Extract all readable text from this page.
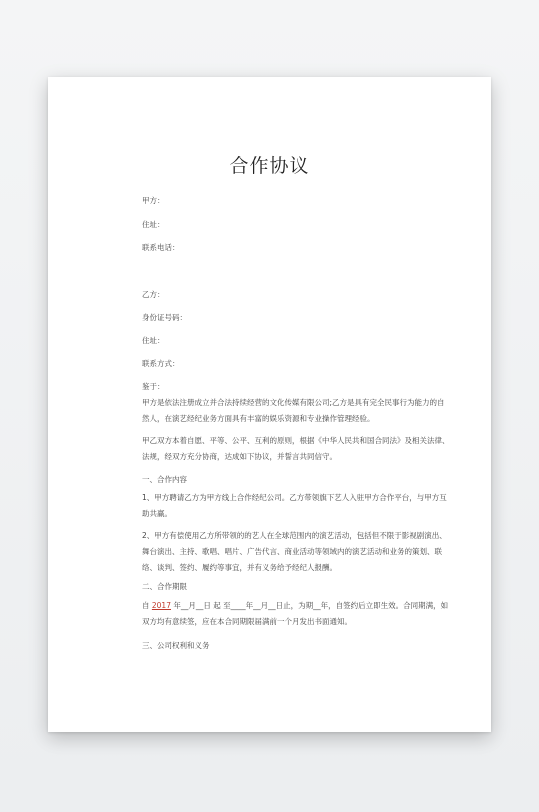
合作协议
甲方：
住址：
联系电话：
乙方：
身份证号码：
住址：
联系方式：
鉴于：
甲方是依法注册成立并合法持续经营的文化传媒有限公司;乙方是具有完全民事行为能力的自然人，在演艺经纪业务方面具有丰富的娱乐资源和专业操作管理经验。
甲乙双方本着自愿、平等、公平、互利的原则，根据《中华人民共和国合同法》及相关法律、法规，经双方充分协商，达成如下协议，并誓言共同信守。
一、合作内容
1、甲方聘请乙方为甲方线上合作经纪公司。乙方带领旗下艺人入驻甲方合作平台，与甲方互助共赢。
2、甲方有偿使用乙方所带领的的艺人在全球范围内的演艺活动，包括但不限于影视剧演出、舞台演出、主持、歌唱、唱片、广告代言、商业活动等领域内的演艺活动和业务的策划、联络、谈判、签约、履约等事宜，并有义务给予经纪人报酬。
二、合作期限
自 2017 年__月__日 起 至____年__月__日止，为期__年，自签约后立即生效。合同期满，如双方均有意续签，应在本合同期限届满前一个月发出书面通知。
三、公司权利和义务
